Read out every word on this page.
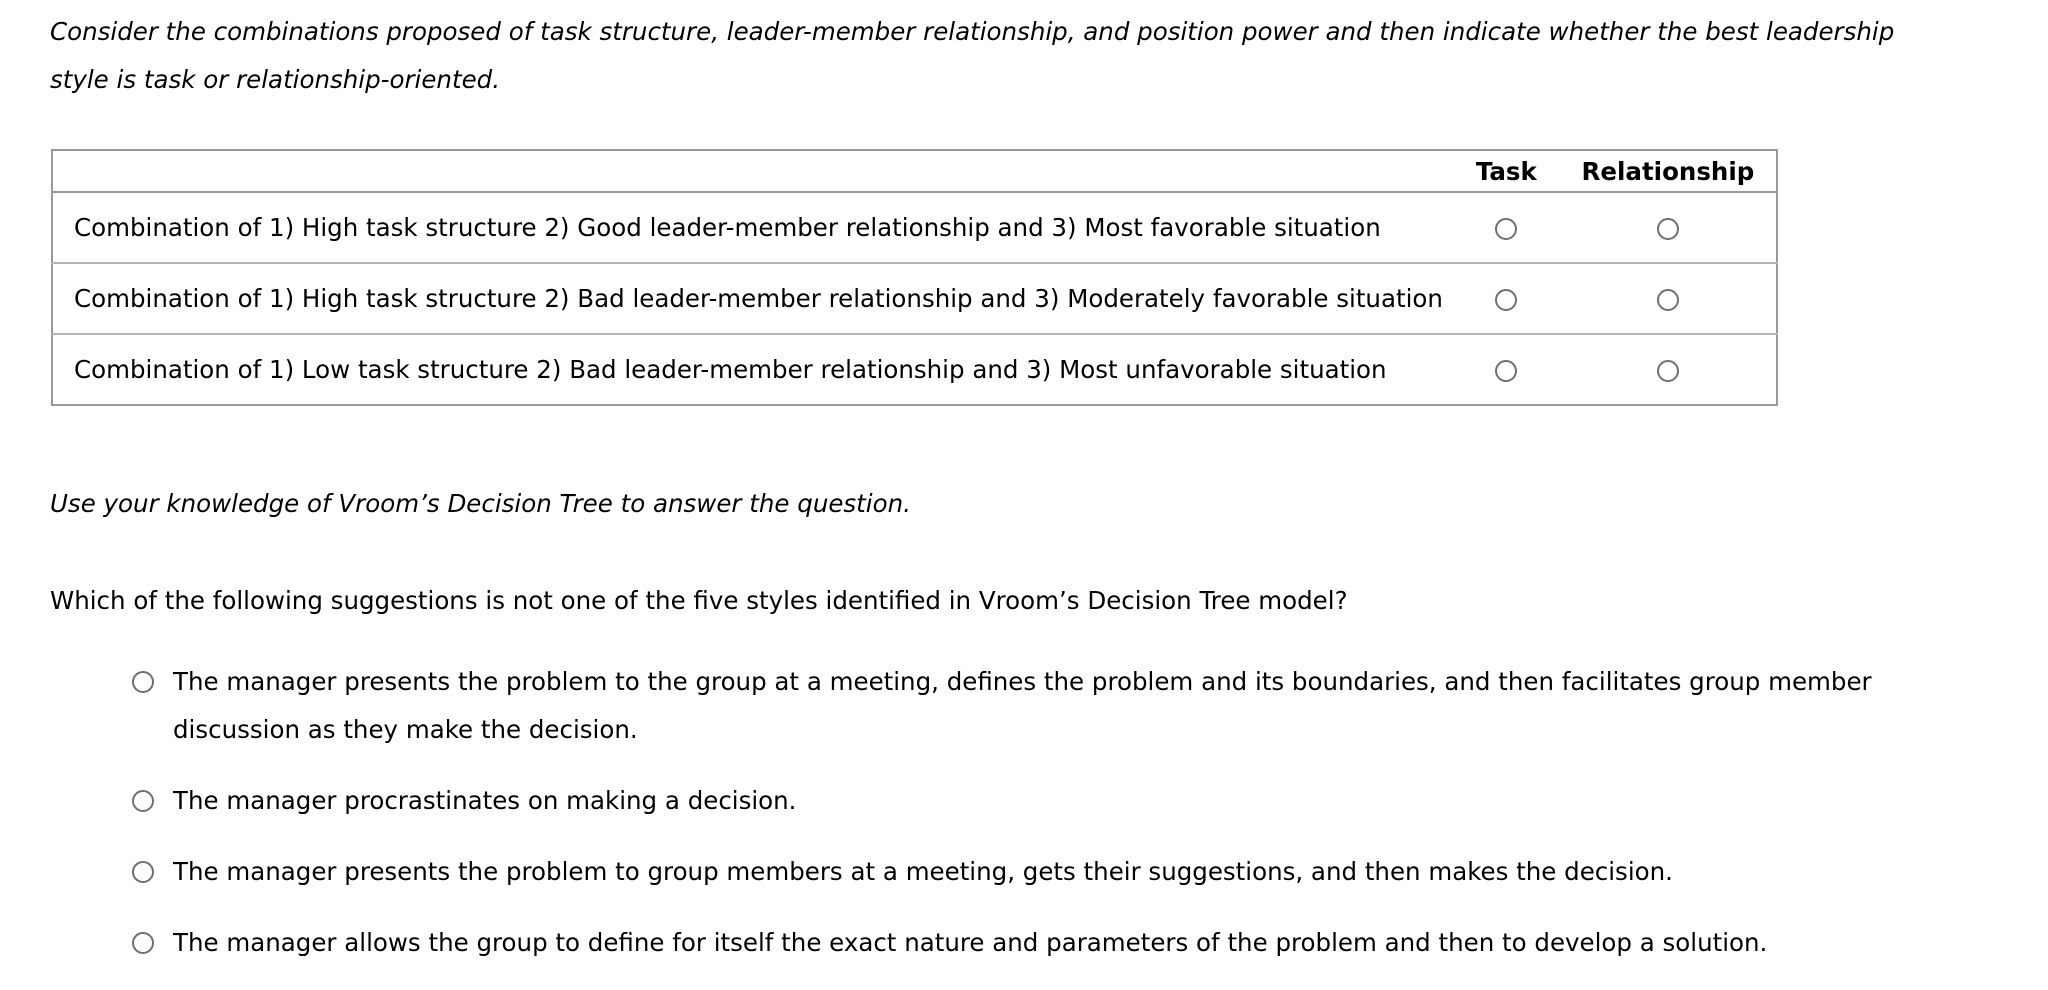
Consider the combinations proposed of task structure, leader-member relationship, and position power and then indicate whether the best leadership style is task or relationship-oriented.

	Task	Relationship
Combination of 1) High task structure 2) Good leader-member relationship and 3) Most favorable situation		
Combination of 1) High task structure 2) Bad leader-member relationship and 3) Moderately favorable situation		
Combination of 1) Low task structure 2) Bad leader-member relationship and 3) Most unfavorable situation		

Use your knowledge of Vroom’s Decision Tree to answer the question.

Which of the following suggestions is not one of the five styles identified in Vroom’s Decision Tree model?

The manager presents the problem to the group at a meeting, defines the problem and its boundaries, and then facilitates group member discussion as they make the decision.
The manager procrastinates on making a decision.
The manager presents the problem to group members at a meeting, gets their suggestions, and then makes the decision.
The manager allows the group to define for itself the exact nature and parameters of the problem and then to develop a solution.
